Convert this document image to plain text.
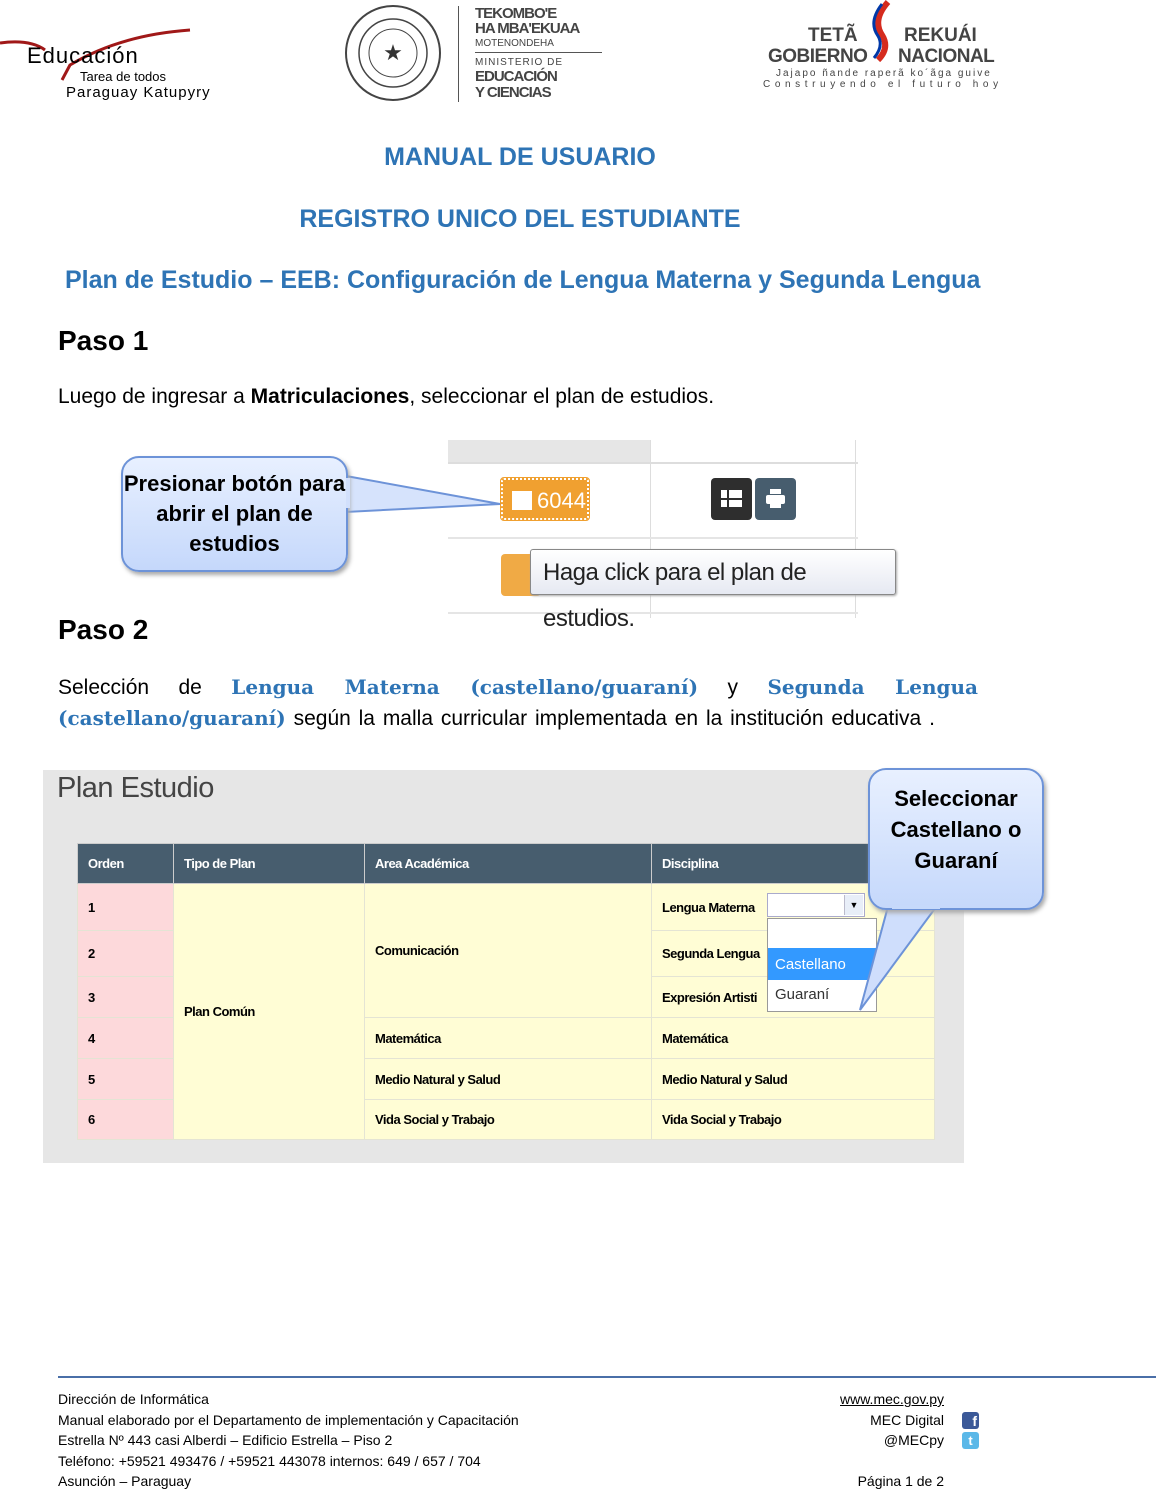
Educación
Tarea de todos
Paraguay Katupyry
★
TEKOMBO'E
HA MBA'EKUAA
MOTENONDEHA
MINISTERIO DE
EDUCACIÓN
Y CIENCIAS
TETÃ REKUÁI
GOBIERNO NACIONAL
Jajapo ñande raperã ko´ãga guive
Construyendo el futuro hoy
MANUAL DE USUARIO
REGISTRO UNICO DEL ESTUDIANTE
Plan de Estudio – EEB: Configuración de Lengua Materna y Segunda Lengua
Paso 1
Luego de ingresar a Matriculaciones, seleccionar el plan de estudios.
6044
Haga click para el plan de estudios.
Presionar botón para abrir el plan de estudios
Paso 2
Selección de Lengua Materna (castellano/guaraní) y Segunda Lengua (castellano/guaraní) según la malla curricular implementada en la institución educativa .
Plan Estudio
Orden	Tipo de Plan	Area Académica	Disciplina
1	Plan Común	Comunicación	Lengua Materna
2			Segunda Lengua
3			Expresión Artisti
4		Matemática	Matemática
5		Medio Natural y Salud	Medio Natural y Salud
6		Vida Social y Trabajo	Vida Social y Trabajo
▼
Castellano
Guaraní
Seleccionar Castellano o Guaraní
Dirección de Informática
Manual elaborado por el Departamento de implementación y Capacitación
Estrella Nº 443 casi Alberdi – Edificio Estrella – Piso 2
Teléfono: +59521 493476 / +59521 443078 internos: 649 / 657 / 704
Asunción – Paraguay
www.mec.gov.py
MEC Digital
@MECpy

Página 1 de 2
f
t
